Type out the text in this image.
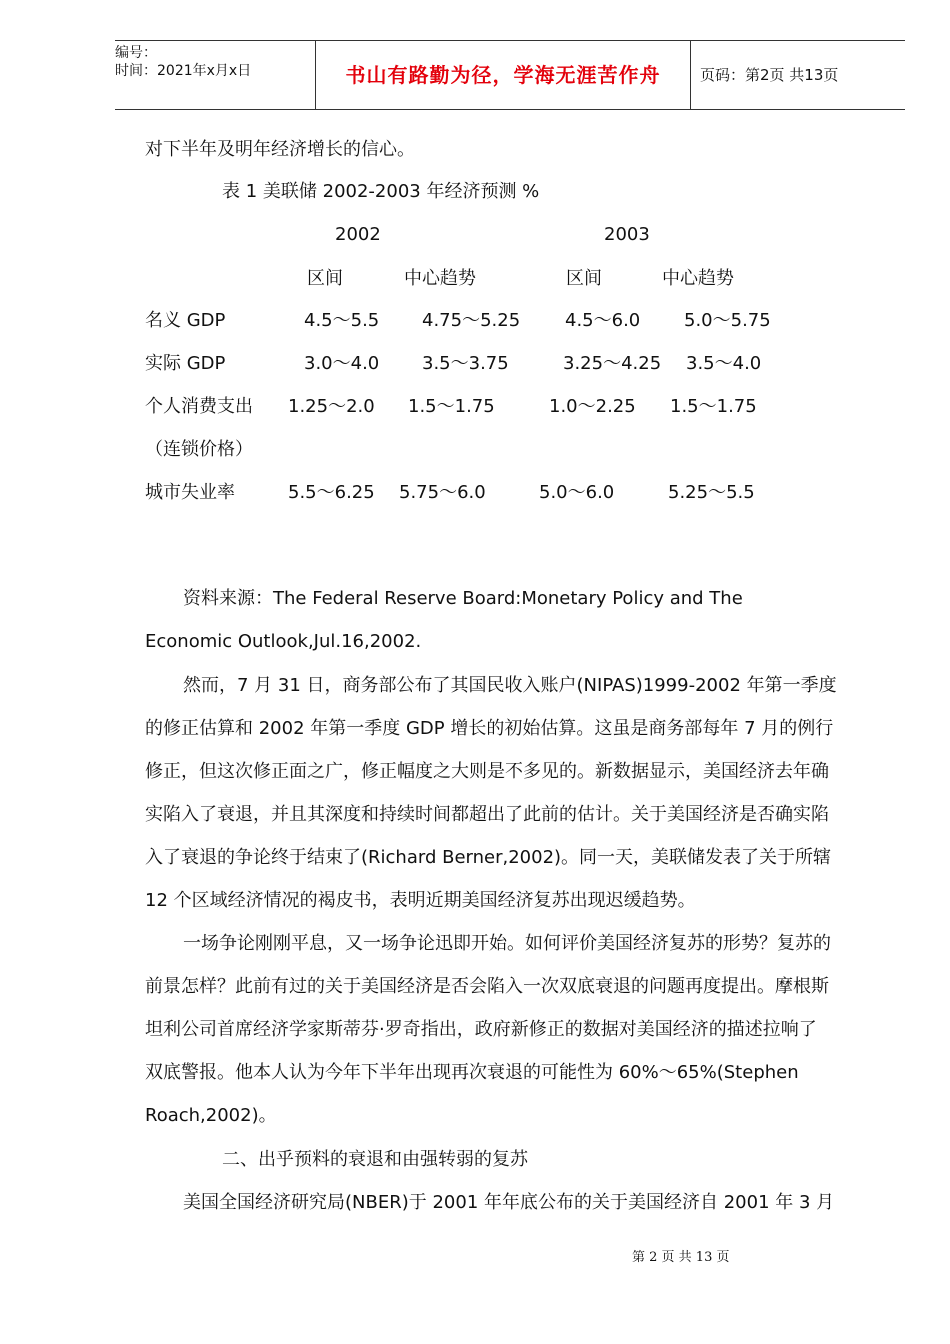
编号：
时间：2021年x月x日	书山有路勤为径，学海无涯苦作舟	页码：第2页 共13页
对下半年及明年经济增长的信心。
表 1 美联储 2002-2003 年经济预测 %
2002	2003
区间	中心趋势	区间	中心趋势
名义 GDP	4.5～5.5 4.75～5.25 4.5～6.0 5.0～5.75
实际 GDP	3.0～4.0 3.5～3.75	3.25～4.25 3.5～4.0
个人消费支出 1.25～2.0 1.5～1.75	1.0～2.25 1.5～1.75
（连锁价格）
城市失业率	5.5～6.25 5.75～6.0	5.0～6.0	5.25～5.5
资料来源：The Federal Reserve Board:Monetary Policy and The
Economic Outlook,Jul.16,2002.
然而，7 月 31 日，商务部公布了其国民收入账户(NIPAS)1999-2002 年第一季度
的修正估算和 2002 年第一季度 GDP 增长的初始估算。这虽是商务部每年 7 月的例行
修正，但这次修正面之广，修正幅度之大则是不多见的。新数据显示，美国经济去年确
实陷入了衰退，并且其深度和持续时间都超出了此前的估计。关于美国经济是否确实陷
入了衰退的争论终于结束了(Richard Berner,2002)。同一天，美联储发表了关于所辖
12 个区域经济情况的褐皮书，表明近期美国经济复苏出现迟缓趋势。
一场争论刚刚平息，又一场争论迅即开始。如何评价美国经济复苏的形势？复苏的
前景怎样？此前有过的关于美国经济是否会陷入一次双底衰退的问题再度提出。摩根斯
坦利公司首席经济学家斯蒂芬·罗奇指出，政府新修正的数据对美国经济的描述拉响了
双底警报。他本人认为今年下半年出现再次衰退的可能性为 60%～65%(Stephen
Roach,2002)。
二、出乎预料的衰退和由强转弱的复苏
美国全国经济研究局(NBER)于 2001 年年底公布的关于美国经济自 2001 年 3 月
第 2 页 共 13 页
